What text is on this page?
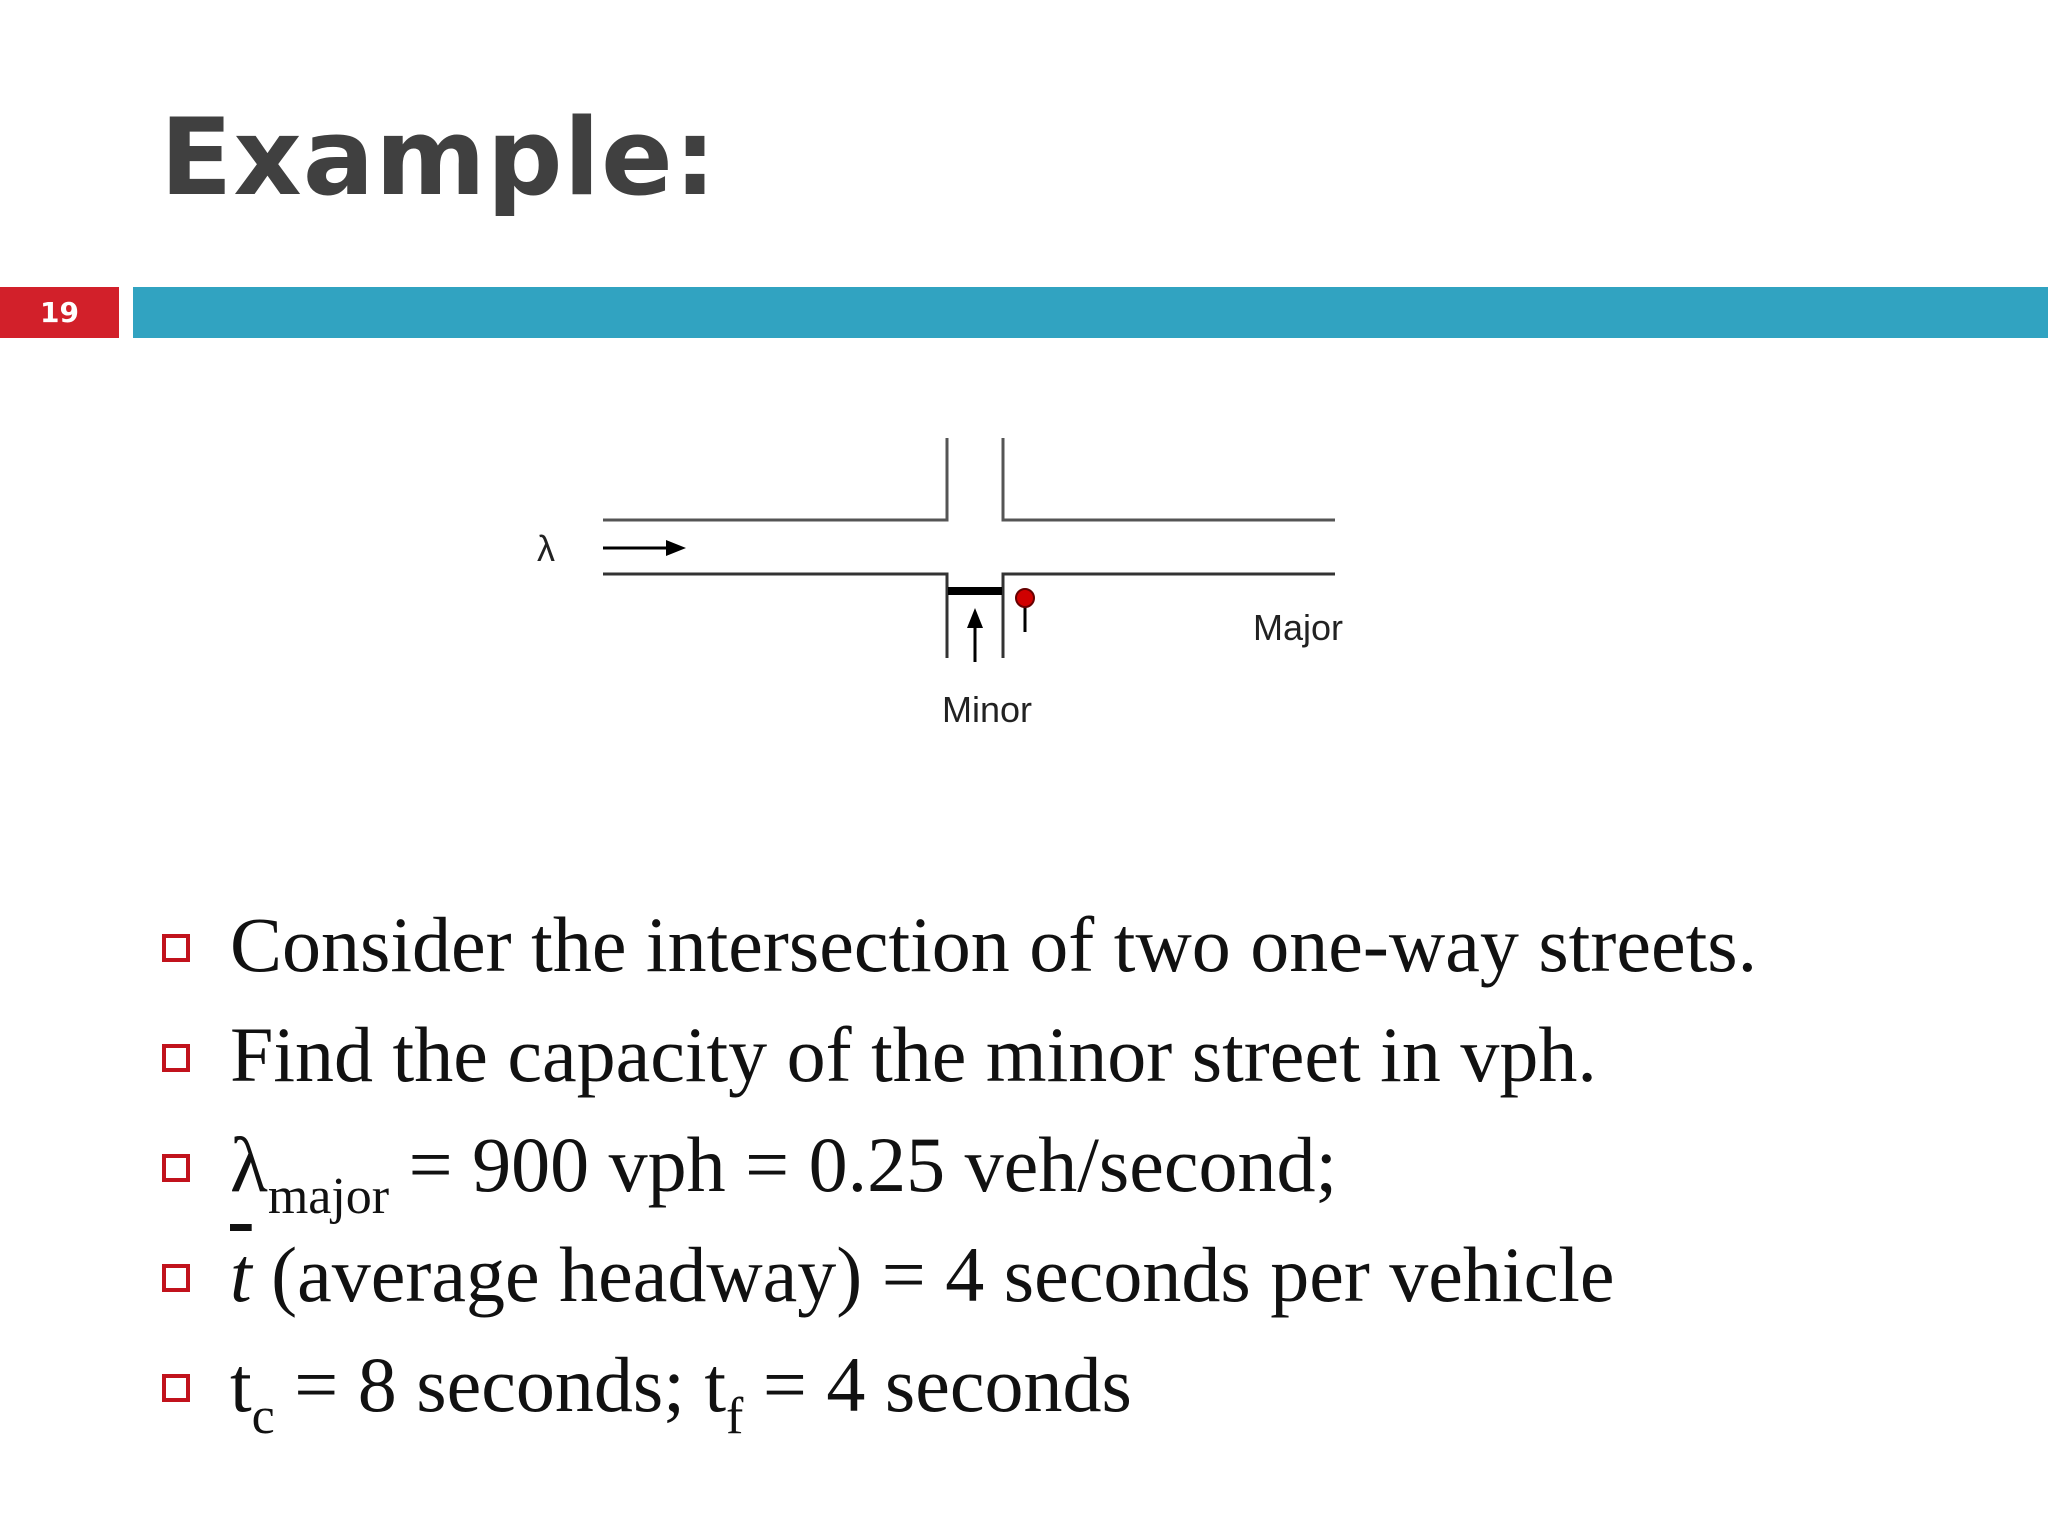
Example:
19
λ
Major
Minor
Consider the intersection of two one-way streets.
Find the capacity of the minor street in vph.
$\lambda_{major} = 900$ vph = 0.25 veh/second;
$\overline{t}$ (average headway) = 4 seconds per vehicle
$t_c = 8$ seconds; $t_f = 4$ seconds
